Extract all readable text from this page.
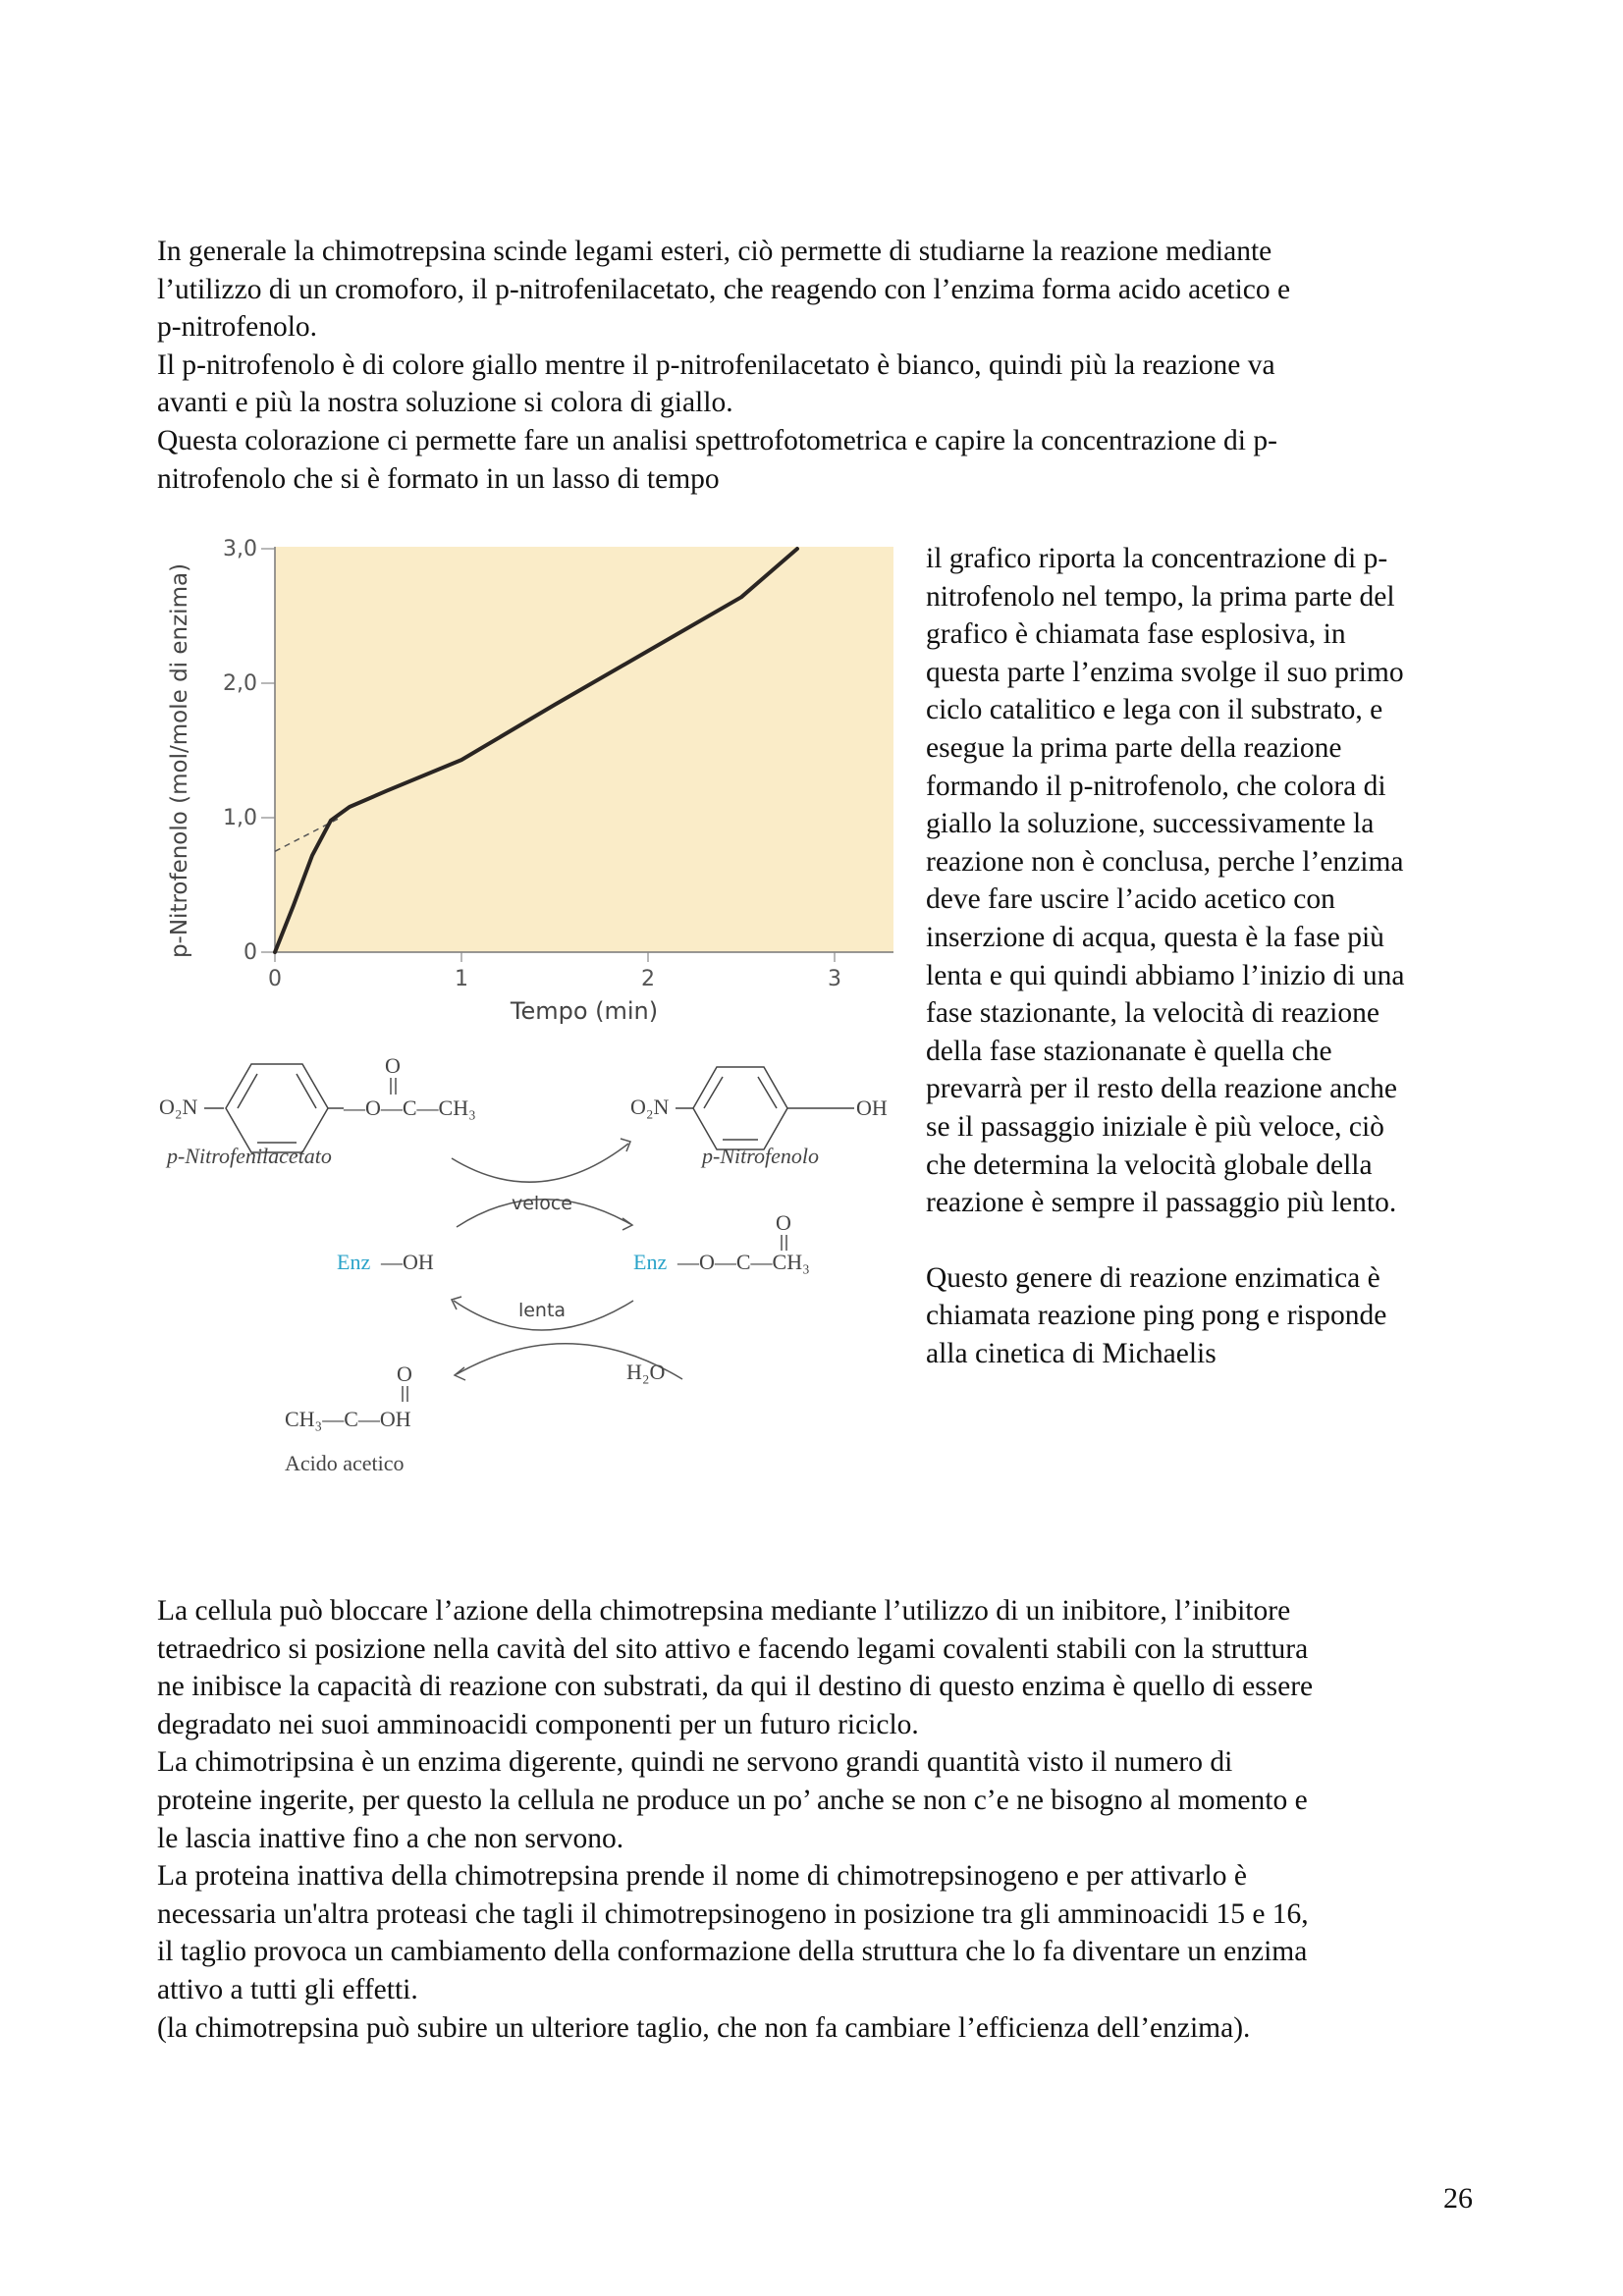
In generale la chimotrepsina scinde legami esteri, ciò permette di studiarne la reazione mediante

l’utilizzo di un cromoforo, il p-nitrofenilacetato, che reagendo con l’enzima forma acido acetico e

p-nitrofenolo.

Il p-nitrofenolo è di colore giallo mentre il p-nitrofenilacetato è bianco, quindi più la reazione va

avanti e più la nostra soluzione si colora di giallo.

Questa colorazione ci permette fare un analisi spettrofotometrica e capire la concentrazione di p-

nitrofenolo che si è formato in un lasso di tempo

0
1,0
2,0
3,0
0	1	2	3
Tempo (min)
p-Nitrofenolo (mol/mole di enzima)
O₂N	—O—C—CH₃
O
p-Nitrofenilacetato
O₂N	OH
p-Nitrofenolo
veloce
Enz —OH	Enz —O—C—CH₃
O
lenta
H₂O
O
CH₃—C—OH
Acido acetico

il grafico riporta la concentrazione di p-

nitrofenolo nel tempo, la prima parte del

grafico è chiamata fase esplosiva, in

questa parte l’enzima svolge il suo primo

ciclo catalitico e lega con il substrato, e

esegue la prima parte della reazione

formando il p-nitrofenolo, che colora di

giallo la soluzione, successivamente la

reazione non è conclusa, perche l’enzima

deve fare uscire l’acido acetico con

inserzione di acqua, questa è la fase più

lenta e qui quindi abbiamo l’inizio di una

fase stazionante, la velocità di reazione

della fase stazionanate è quella che

prevarrà per il resto della reazione anche

se il passaggio iniziale è più veloce, ciò

che determina la velocità globale della

reazione è sempre il passaggio più lento.

Questo genere di reazione enzimatica è

chiamata reazione ping pong e risponde

alla cinetica di Michaelis

La cellula può bloccare l’azione della chimotrepsina mediante l’utilizzo di un inibitore, l’inibitore

tetraedrico si posizione nella cavità del sito attivo e facendo legami covalenti stabili con la struttura

ne inibisce la capacità di reazione con substrati, da qui il destino di questo enzima è quello di essere

degradato nei suoi amminoacidi componenti per un futuro riciclo.

La chimotripsina è un enzima digerente, quindi ne servono grandi quantità visto il numero di

proteine ingerite, per questo la cellula ne produce un po’ anche se non c’e ne bisogno al momento e

le lascia inattive fino a che non servono.

La proteina inattiva della chimotrepsina prende il nome di chimotrepsinogeno e per attivarlo è

necessaria un'altra proteasi che tagli il chimotrepsinogeno in posizione tra gli amminoacidi 15 e 16,

il taglio provoca un cambiamento della conformazione della struttura che lo fa diventare un enzima

attivo a tutti gli effetti.

(la chimotrepsina può subire un ulteriore taglio, che non fa cambiare l’efficienza dell’enzima).

26
